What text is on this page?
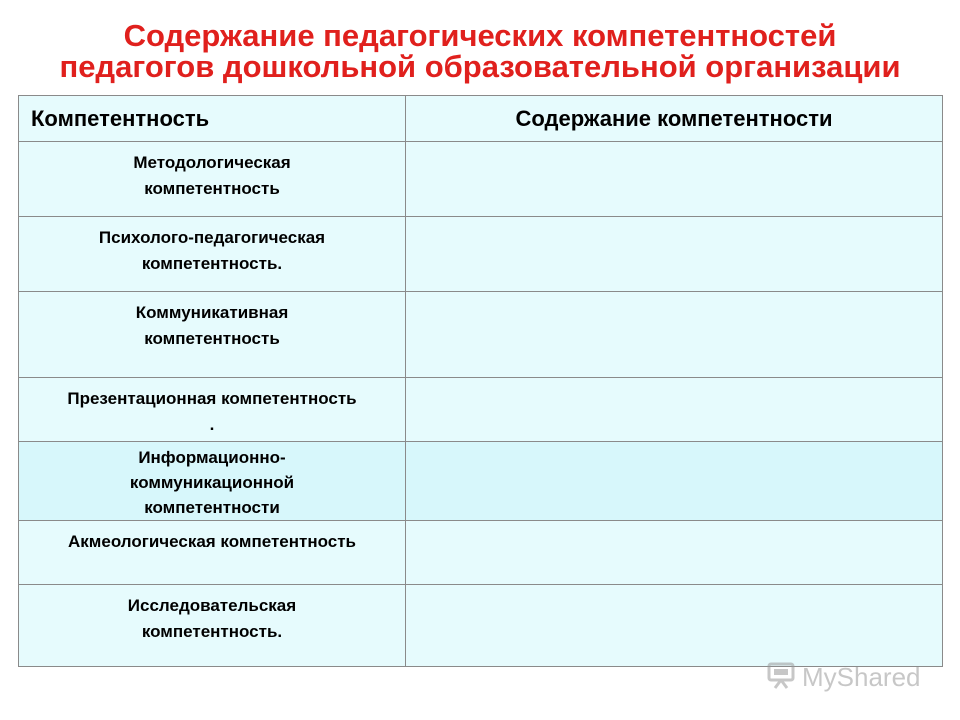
Содержание педагогических компетентностей
педагогов дошкольной образовательной организации
Компетентность	Содержание компетентности

Методологическая
компетентность	

Психолого-педагогическая
компетентность.	

Коммуникативная
компетентность	

Презентационная компетентность
.	

Информационно-
коммуникационной
компетентности	

Акмеологическая компетентность	

Исследовательская
компетентность.	

MyShared
